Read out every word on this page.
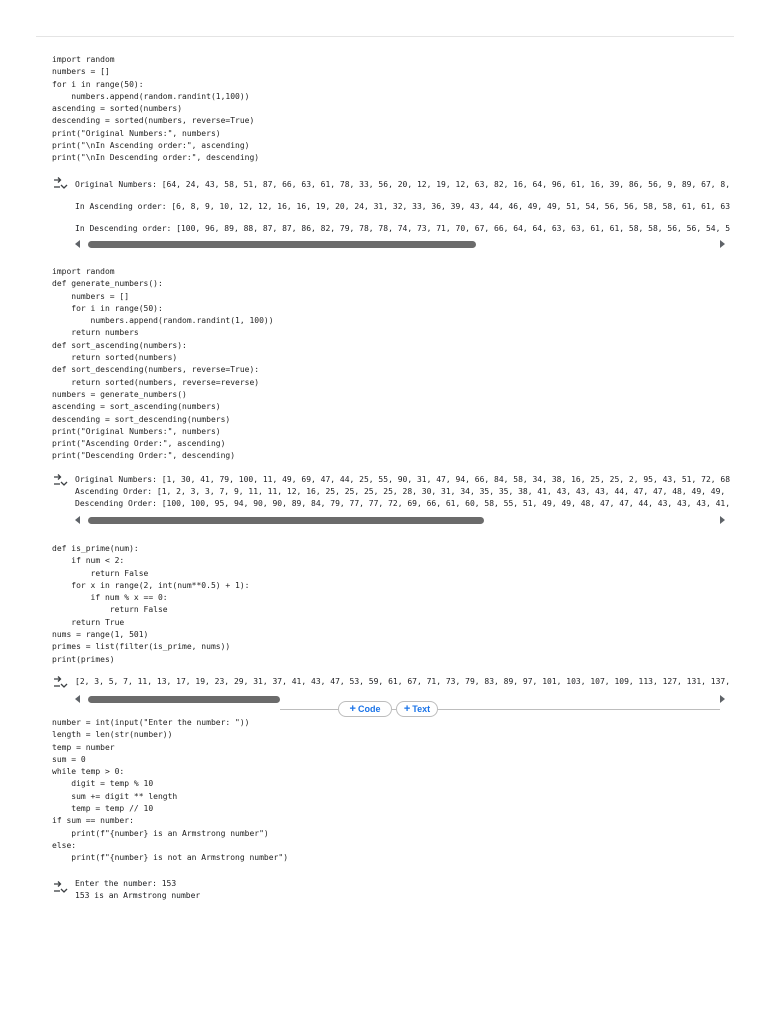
import random
numbers = []
for i in range(50):
numbers.append(random.randint(1,100))
ascending = sorted(numbers)
descending = sorted(numbers, reverse=True)
print("Original Numbers:", numbers)
print("\nIn Ascending order:", ascending)
print("\nIn Descending order:", descending)
Original Numbers: [64, 24, 43, 58, 51, 87, 66, 63, 61, 78, 33, 56, 20, 12, 19, 12, 63, 82, 16, 64, 96, 61, 16, 39, 86, 56, 9, 89, 67, 8,
In Ascending order: [6, 8, 9, 10, 12, 12, 16, 16, 19, 20, 24, 31, 32, 33, 36, 39, 43, 44, 46, 49, 49, 51, 54, 56, 56, 58, 58, 61, 61, 63
In Descending order: [100, 96, 89, 88, 87, 87, 86, 82, 79, 78, 78, 74, 73, 71, 70, 67, 66, 64, 64, 63, 63, 61, 61, 58, 58, 56, 56, 54, 5
import random
def generate_numbers():
numbers = []
for i in range(50):
numbers.append(random.randint(1, 100))
return numbers
def sort_ascending(numbers):
return sorted(numbers)
def sort_descending(numbers, reverse=True):
return sorted(numbers, reverse=reverse)
numbers = generate_numbers()
ascending = sort_ascending(numbers)
descending = sort_descending(numbers)
print("Original Numbers:", numbers)
print("Ascending Order:", ascending)
print("Descending Order:", descending)
Original Numbers: [1, 30, 41, 79, 100, 11, 49, 69, 47, 44, 25, 55, 90, 31, 47, 94, 66, 84, 58, 34, 38, 16, 25, 25, 2, 95, 43, 51, 72, 68
Ascending Order: [1, 2, 3, 3, 7, 9, 11, 11, 12, 16, 25, 25, 25, 25, 28, 30, 31, 34, 35, 35, 38, 41, 43, 43, 43, 44, 47, 47, 48, 49, 49,
Descending Order: [100, 100, 95, 94, 90, 90, 89, 84, 79, 77, 77, 72, 69, 66, 61, 60, 58, 55, 51, 49, 49, 48, 47, 47, 44, 43, 43, 43, 41,
def is_prime(num):
if num < 2:
return False
for x in range(2, int(num**0.5) + 1):
if num % x == 0:
return False
return True
nums = range(1, 501)
primes = list(filter(is_prime, nums))
print(primes)
[2, 3, 5, 7, 11, 13, 17, 19, 23, 29, 31, 37, 41, 43, 47, 53, 59, 61, 67, 71, 73, 79, 83, 89, 97, 101, 103, 107, 109, 113, 127, 131, 137,
+ Code + Text
number = int(input("Enter the number: "))
length = len(str(number))
temp = number
sum = 0
while temp > 0:
digit = temp % 10
sum += digit ** length
temp = temp // 10
if sum == number:
print(f"{number} is an Armstrong number")
else:
print(f"{number} is not an Armstrong number")
Enter the number: 153
153 is an Armstrong number
